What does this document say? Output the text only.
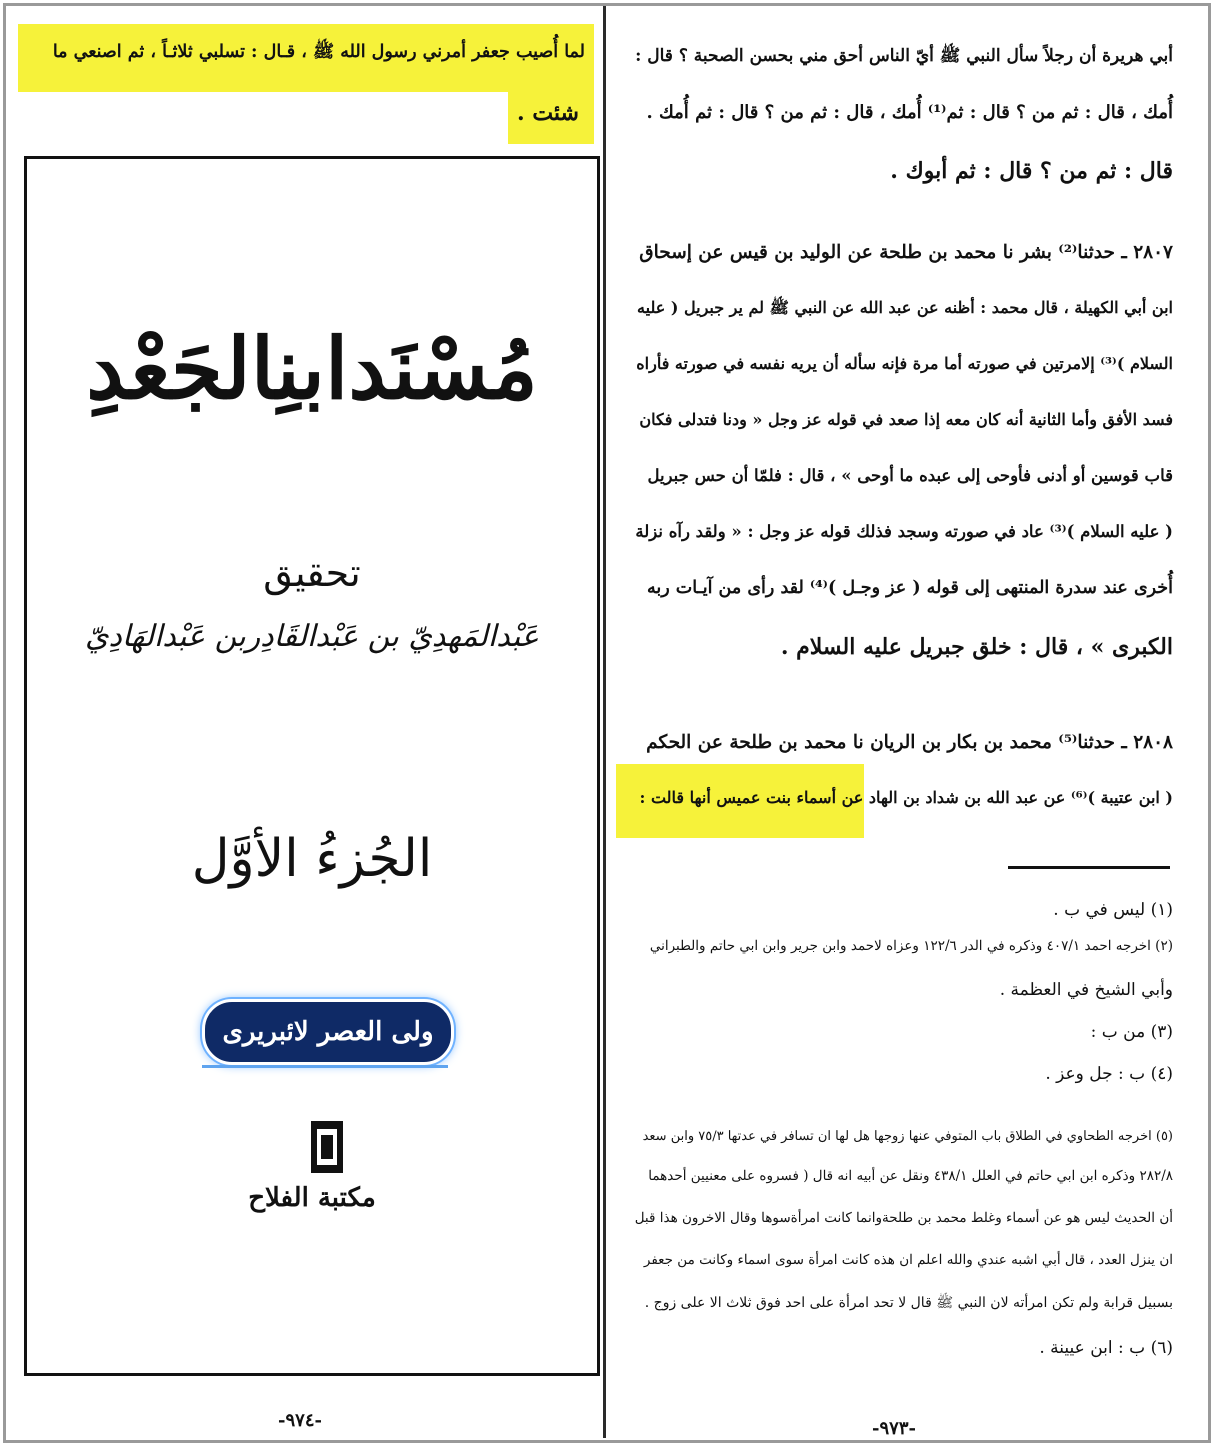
لما أُصيب جعفر أمرني رسول الله ﷺ ، قـال : تسلبي ثلاثـاً ، ثم اصنعي ما
شئت .
مُسْنَدابنِالجَعْدِ
تحقيق
عَبْدالمَهدِيّ بن عَبْدالقَادِربن عَبْدالهَادِيّ
الجُزءُ الأوَّل
ولی العصر لائبریری (بادی)
مكتبة الفلاح
-٩٧٤-
أبي هريرة أن رجلاً سأل النبي ﷺ أيّ الناس أحق مني بحسن الصحبة ؟ قال :
أُمك ، قال : ثم من ؟ قال : ثم⁽¹⁾ أُمك ، قال : ثم من ؟ قال : ثم أُمك .
قال : ثم من ؟ قال : ثم أبوك .
٢٨٠٧ ـ حدثنا⁽²⁾ بشر نا محمد بن طلحة عن الوليد بن قيس عن إسحاق
ابن أبي الكهيلة ، قال محمد : أظنه عن عبد الله عن النبي ﷺ لم ير جبريل ( عليه
السلام )⁽³⁾ إلامرتين في صورته أما مرة فإنه سأله أن يريه نفسه في صورته فأراه
فسد الأفق وأما الثانية أنه كان معه إذا صعد في قوله عز وجل « ودنا فتدلى فكان
قاب قوسين أو أدنى فأوحى إلى عبده ما أوحى » ، قال : فلمّا أن حس جبريل
( عليه السلام )⁽³⁾ عاد في صورته وسجد فذلك قوله عز وجل : « ولقد رآه نزلة
أُخرى عند سدرة المنتهى إلى قوله ( عز وجـل )⁽⁴⁾ لقد رأى من آيـات ربه
الكبرى » ، قال : خلق جبريل عليه السلام .
٢٨٠٨ ـ حدثنا⁽⁵⁾ محمد بن بكار بن الريان نا محمد بن طلحة عن الحكم
( ابن عتيبة )⁽⁶⁾ عن عبد الله بن شداد بن الهاد عن أسماء بنت عميس أنها قالت :
(١) ليس في ب .
(٢) اخرجه احمد ٤٠٧/١ وذكره في الدر ١٢٢/٦ وعزاه لاحمد وابن جرير وابن ابي حاتم والطبراني
وأبي الشيخ في العظمة .
(٣) من ب :
(٤) ب : جل وعز .
(٥) اخرجه الطحاوي في الطلاق باب المتوفي عنها زوجها هل لها ان تسافر في عدتها ٧٥/٣ وابن سعد
٢٨٢/٨ وذكره ابن ابي حاتم في العلل ٤٣٨/١ ونقل عن أبيه انه قال ( فسروه على معنيين أحدهما
أن الحديث ليس هو عن أسماء وغلط محمد بن طلحةوانما كانت امرأةسوها وقال الاخرون هذا قبل
ان ينزل العدد ، قال أبي اشبه عندي والله اعلم ان هذه كانت امرأة سوى اسماء وكانت من جعفر
بسبيل قرابة ولم تكن امرأته لان النبي ﷺ قال لا تحد امرأة على احد فوق ثلاث الا على زوج .
(٦) ب : ابن عيينة .
-٩٧٣-
